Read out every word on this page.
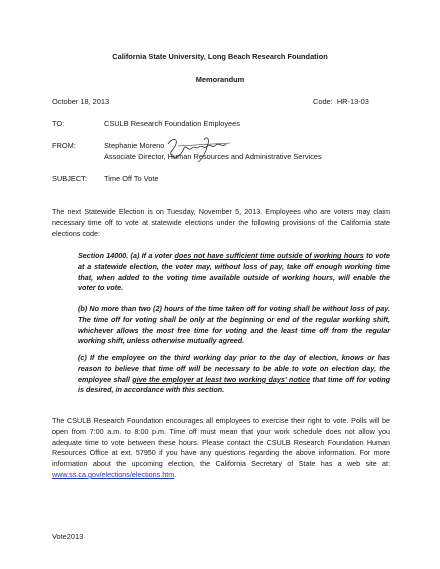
California State University, Long Beach Research Foundation
Memorandum
October 18, 2013	Code: HR-13-03
TO:	CSULB Research Foundation Employees
FROM:	Stephanie Moreno
Associate Director, Human Resources and Administrative Services
SUBJECT: Time Off To Vote
The next Statewide Election is on Tuesday, November 5, 2013. Employees who are voters may claim necessary time off to vote at statewide elections under the following provisions of the California state elections code:
Section 14000. (a) If a voter does not have sufficient time outside of working hours to vote at a statewide election, the voter may, without loss of pay, take off enough working time that, when added to the voting time available outside of working hours, will enable the voter to vote.
(b) No more than two (2) hours of the time taken off for voting shall be without loss of pay. The time off for voting shall be only at the beginning or end of the regular working shift, whichever allows the most free time for voting and the least time off from the regular working shift, unless otherwise mutually agreed.
(c) If the employee on the third working day prior to the day of election, knows or has reason to believe that time off will be necessary to be able to vote on election day, the employee shall give the employer at least two working days' notice that time off for voting is desired, in accordance with this section.
The CSULB Research Foundation encourages all employees to exercise their right to vote. Polls will be open from 7:00 a.m. to 8:00 p.m. Time off must mean that your work schedule does not allow you adequate time to vote between these hours. Please contact the CSULB Research Foundation Human Resources Office at ext. 57950 if you have any questions regarding the above information. For more information about the upcoming election, the California Secretary of State has a web site at: www.ss.ca.gov/elections/elections.htm.
Vote2013
